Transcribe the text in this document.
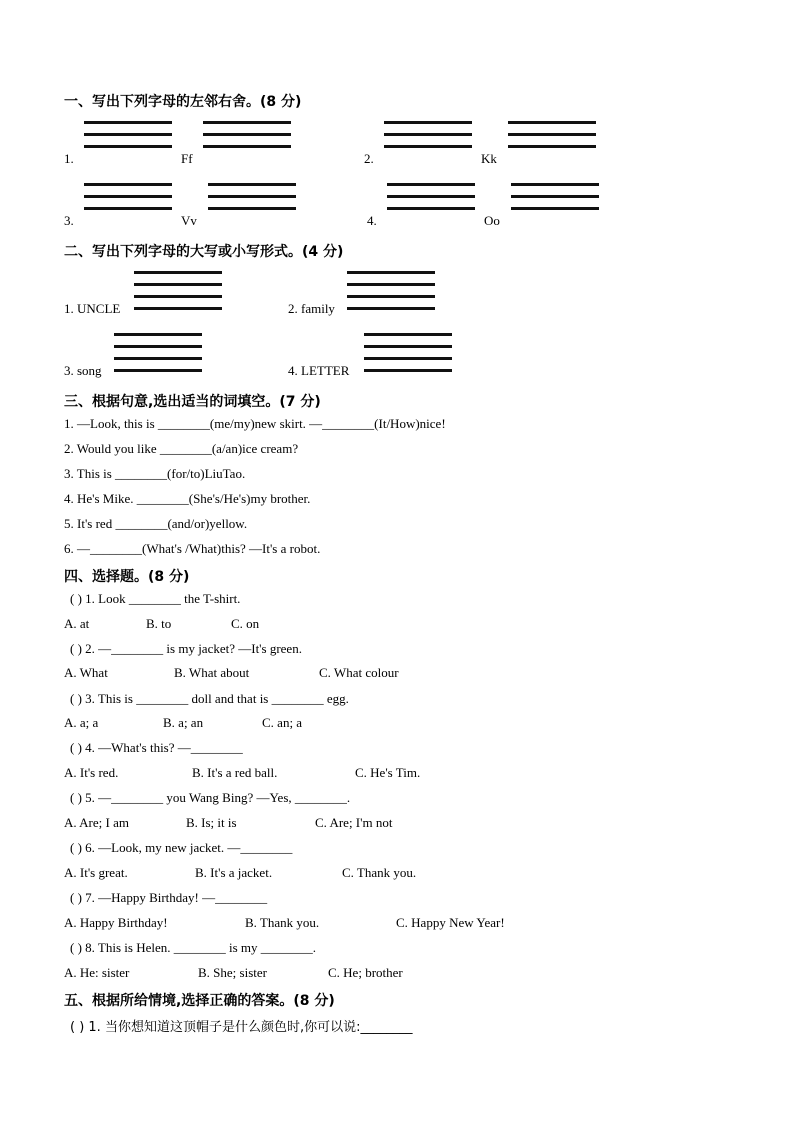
一、写出下列字母的左邻右舍。(8 分)
1.	Ff	2.	Kk
3.	Vv	4.	Oo
二、写出下列字母的大写或小写形式。(4 分)
1. UNCLE	2. family
3. song	4. LETTER
三、根据句意,选出适当的词填空。(7 分)
1. —Look, this is ________(me/my)new skirt. —________(It/How)nice!
2. Would you like ________(a/an)ice cream?
3. This is ________(for/to)LiuTao.
4. He's Mike. ________(She's/He's)my brother.
5. It's red ________(and/or)yellow.
6. —________(What's /What)this? —It's a robot.
四、选择题。(8 分)
( ) 1. Look ________ the T-shirt.
A. at	B. to	C. on
( ) 2. —________ is my jacket? —It's green.
A. What	B. What about	C. What colour
( ) 3. This is ________ doll and that is ________ egg.
A. a; a	B. a; an	C. an; a
( ) 4. —What's this? —________
A. It's red.	B. It's a red ball.	C. He's Tim.
( ) 5. —________ you Wang Bing? —Yes, ________.
A. Are; I am	B. Is; it is	C. Are; I'm not
( ) 6. —Look, my new jacket. —________
A. It's great.	B. It's a jacket.	C. Thank you.
( ) 7. —Happy Birthday! —________
A. Happy Birthday!	B. Thank you.	C. Happy New Year!
( ) 8. This is Helen. ________ is my ________.
A. He: sister	B. She; sister	C. He; brother
五、根据所给情境,选择正确的答案。(8 分)
( ) 1. 当你想知道这顶帽子是什么颜色时,你可以说:________
